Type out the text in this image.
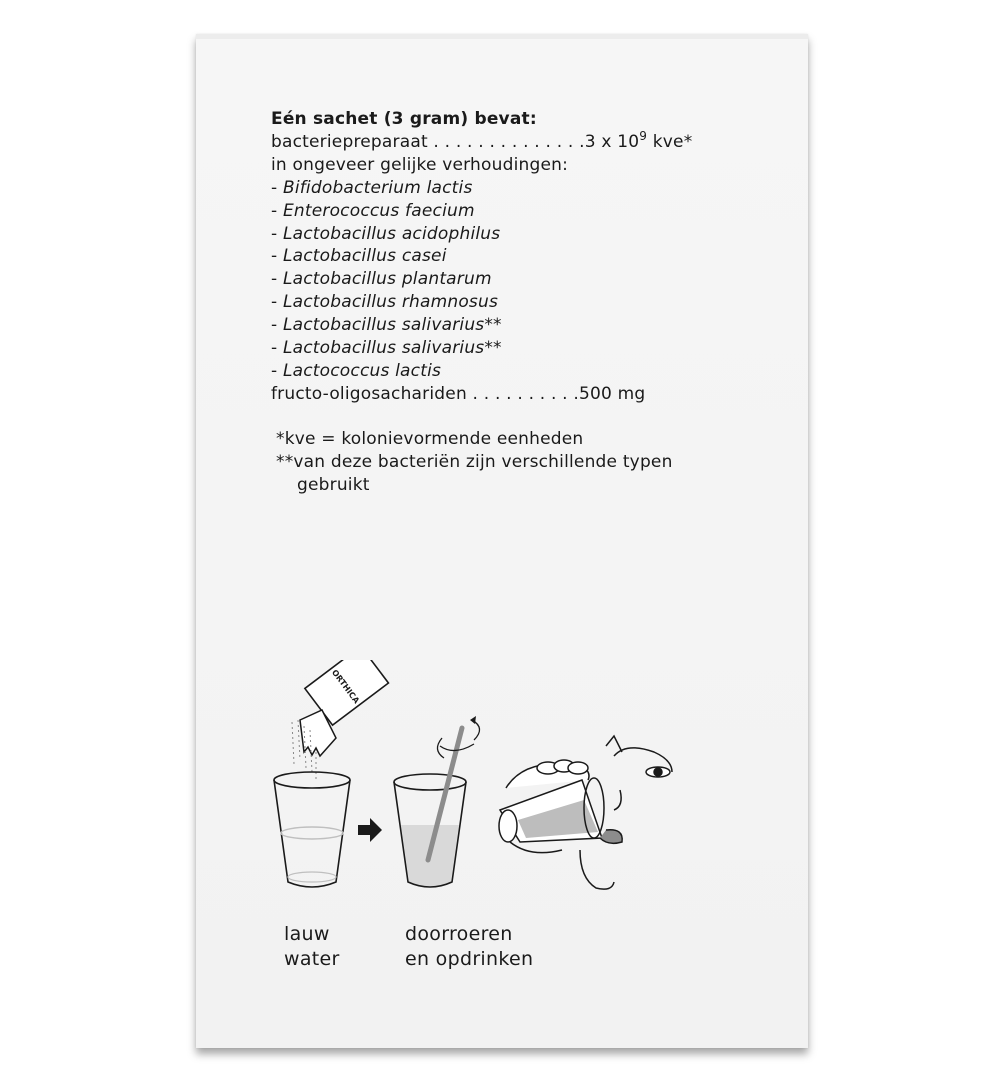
Eén sachet (3 gram) bevat:
bacteriepreparaat . . . . . . . . . . . . . .3 x $10^9$ kve*
in ongeveer gelijke verhoudingen:
- Bifidobacterium lactis
- Enterococcus faecium
- Lactobacillus acidophilus
- Lactobacillus casei
- Lactobacillus plantarum
- Lactobacillus rhamnosus
- Lactobacillus salivarius**
- Lactobacillus salivarius**
- Lactococcus lactis
fructo-oligosachariden . . . . . . . . . .500 mg
*kve = kolonievormende eenheden
**van deze bacteriën zijn verschillende typen
gebruikt
ORTHICA
lauw
water
doorroeren
en opdrinken
